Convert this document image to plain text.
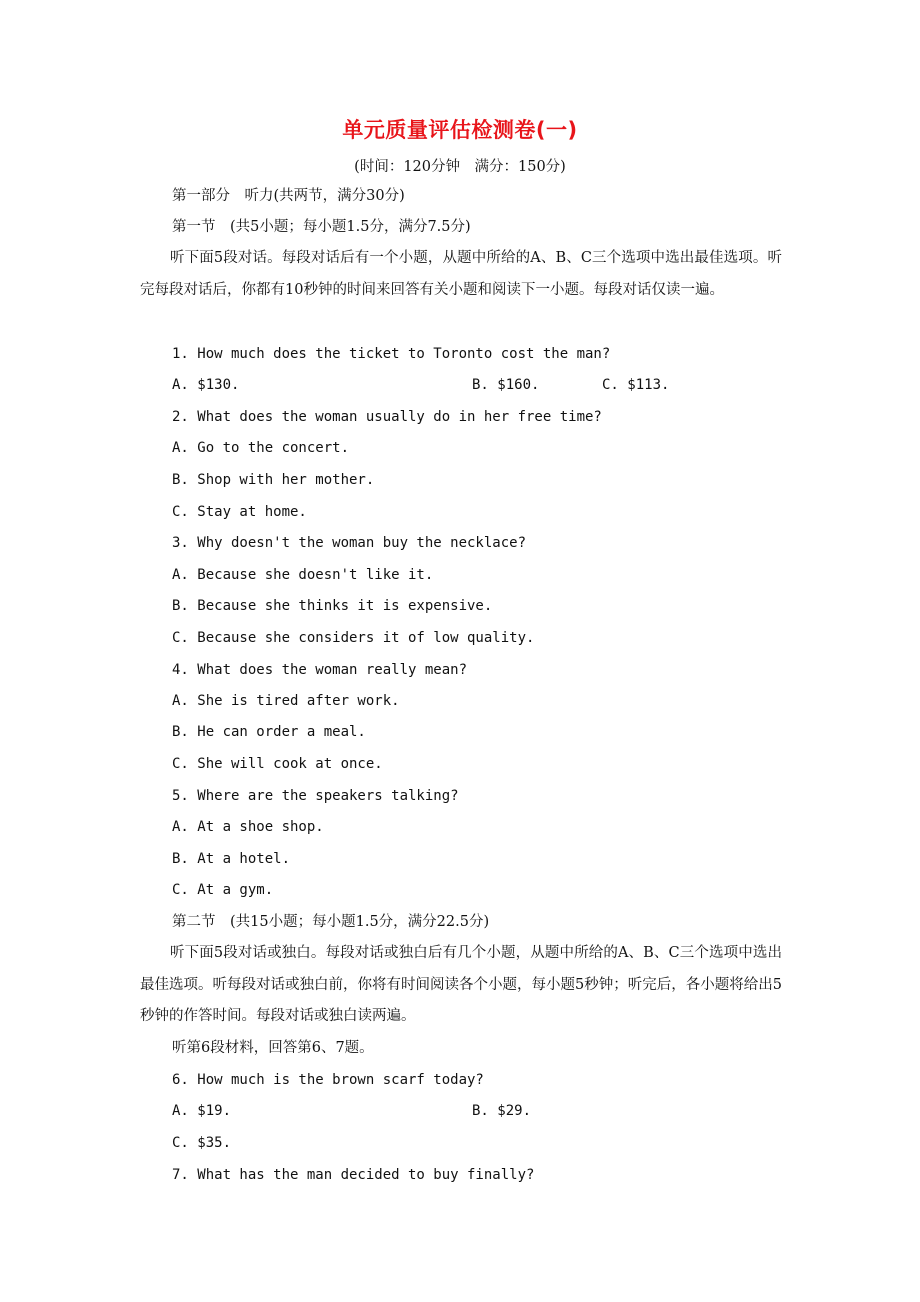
单元质量评估检测卷(一)
(时间：120分钟　满分：150分)
第一部分　听力(共两节，满分30分)
第一节　(共5小题；每小题1.5分，满分7.5分)
听下面5段对话。每段对话后有一个小题，从题中所给的A、B、C三个选项中选出最佳选项。听完每段对话后，你都有10秒钟的时间来回答有关小题和阅读下一小题。每段对话仅读一遍。
1. How much does the ticket to Toronto cost the man?
A. $130.	B. $160.	C. $113.
2. What does the woman usually do in her free time?
A. Go to the concert.
B. Shop with her mother.
C. Stay at home.
3. Why doesn't the woman buy the necklace?
A. Because she doesn't like it.
B. Because she thinks it is expensive.
C. Because she considers it of low quality.
4. What does the woman really mean?
A. She is tired after work.
B. He can order a meal.
C. She will cook at once.
5. Where are the speakers talking?
A. At a shoe shop.
B. At a hotel.
C. At a gym.
第二节　(共15小题；每小题1.5分，满分22.5分)
听下面5段对话或独白。每段对话或独白后有几个小题，从题中所给的A、B、C三个选项中选出最佳选项。听每段对话或独白前，你将有时间阅读各个小题，每小题5秒钟；听完后，各小题将给出5秒钟的作答时间。每段对话或独白读两遍。
听第6段材料，回答第6、7题。
6. How much is the brown scarf today?
A. $19.	B. $29.
C. $35.
7. What has the man decided to buy finally?
